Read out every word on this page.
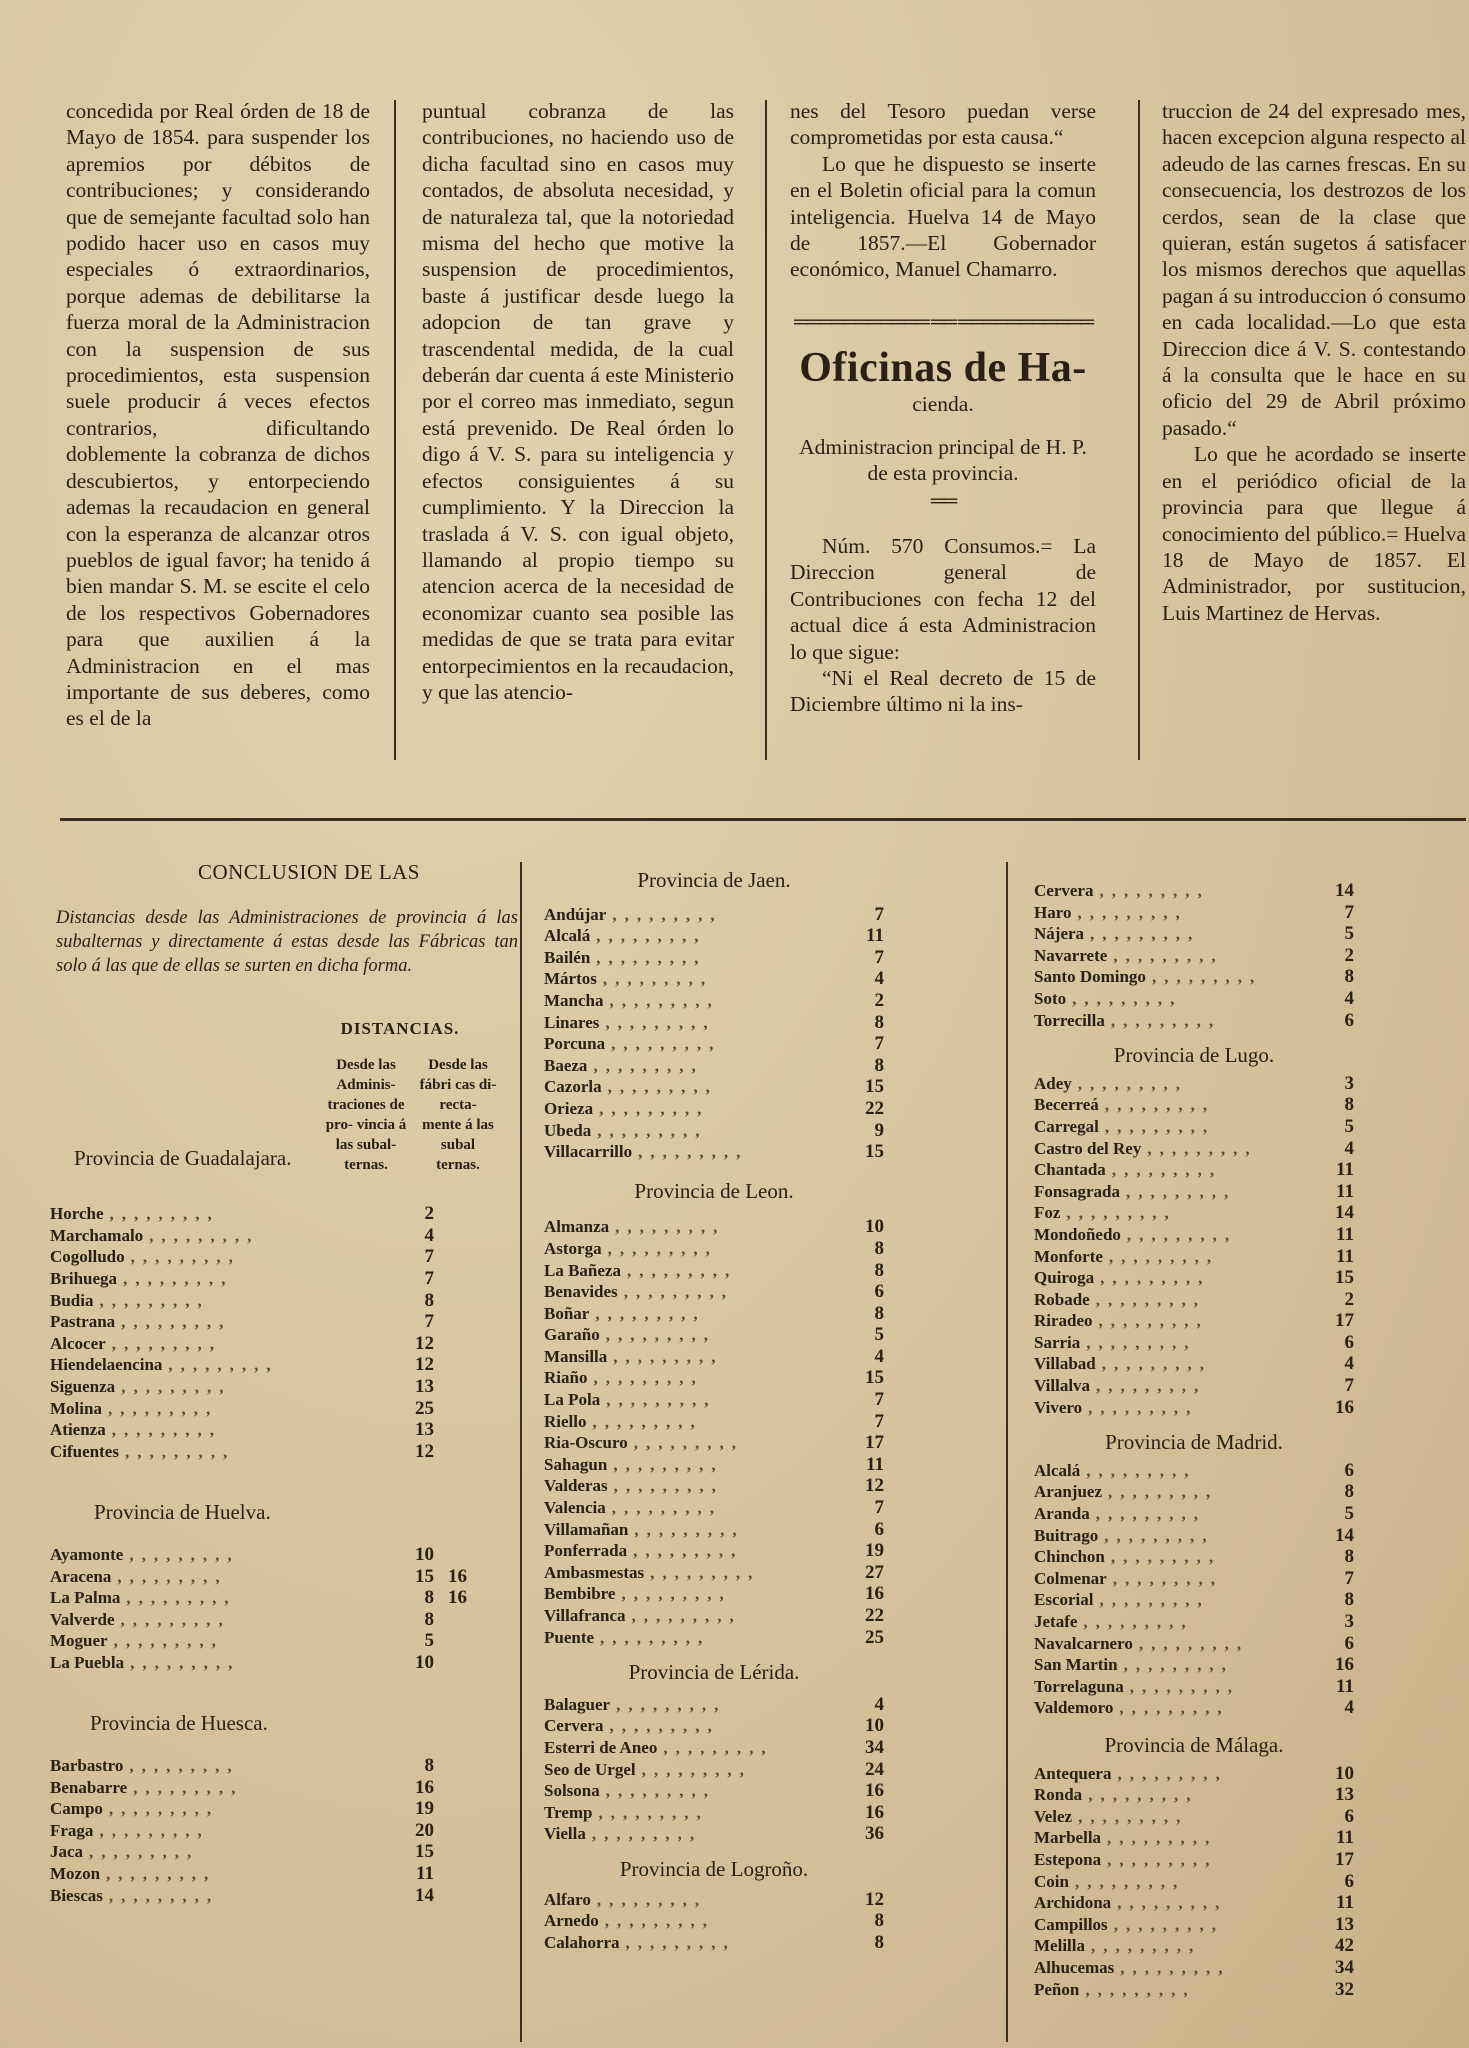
concedida por Real órden de 18 de Mayo de 1854. para suspender los apremios por débitos de contribuciones; y considerando que de semejante facultad solo han podido hacer uso en casos muy especiales ó extraordinarios, porque ademas de debilitarse la fuerza moral de la Administracion con la suspension de sus procedimientos, esta suspension suele producir á veces efectos contrarios, dificultando doblemente la cobranza de dichos descubiertos, y entorpeciendo ademas la recaudacion en general con la esperanza de alcanzar otros pueblos de igual favor; ha tenido á bien mandar S. M. se escite el celo de los respectivos Gobernadores para que auxilien á la Administracion en el mas importante de sus deberes, como es el de la

puntual cobranza de las contribuciones, no haciendo uso de dicha facultad sino en casos muy contados, de absoluta necesidad, y de naturaleza tal, que la notoriedad misma del hecho que motive la suspension de procedimientos, baste á justificar desde luego la adopcion de tan grave y trascendental medida, de la cual deberán dar cuenta á este Ministerio por el correo mas inmediato, segun está prevenido. De Real órden lo digo á V. S. para su inteligencia y efectos consiguientes á su cumplimiento. Y la Direccion la traslada á V. S. con igual objeto, llamando al propio tiempo su atencion acerca de la necesidad de economizar cuanto sea posible las medidas de que se trata para evitar entorpecimientos en la recaudacion, y que las atencio-

nes del Tesoro puedan verse comprometidas por esta causa.“

Lo que he dispuesto se inserte en el Boletin oficial para la comun inteligencia. Huelva 14 de Mayo de 1857.—El Gobernador económico, Manuel Chamarro.

═══════════ ══ ═══════════
Oficinas de Ha-
cienda.
Administracion principal de H. P. de esta provincia.
══

Núm. 570 Consumos.= La Direccion general de Contribuciones con fecha 12 del actual dice á esta Administracion lo que sigue:

“Ni el Real decreto de 15 de Diciembre último ni la ins-

truccion de 24 del expresado mes, hacen excepcion alguna respecto al adeudo de las carnes frescas. En su consecuencia, los destrozos de los cerdos, sean de la clase que quieran, están sugetos á satisfacer los mismos derechos que aquellas pagan á su introduccion ó consumo en cada localidad.—Lo que esta Direccion dice á V. S. contestando á la consulta que le hace en su oficio del 29 de Abril próximo pasado.“

Lo que he acordado se inserte en el periódico oficial de la provincia para que llegue á conocimiento del público.= Huelva 18 de Mayo de 1857. El Administrador, por sustitucion, Luis Martinez de Hervas.

CONCLUSION DE LAS
Distancias desde las Administraciones de provincia á las subalternas y directamente á estas desde las Fábricas tan solo á las que de ellas se surten en dicha forma.
DISTANCIAS.
Provincia de Guadalajara.
Desde las Adminis- traciones de pro- vincia á las subal- ternas.
Desde las fábri cas di- recta- mente á las subal ternas.
Horche ,,,,,,,,,	2
Marchamalo ,,,,,,,,,	4
Cogolludo ,,,,,,,,,	7
Brihuega ,,,,,,,,,	7
Budia ,,,,,,,,,	8
Pastrana ,,,,,,,,,	7
Alcocer ,,,,,,,,,	12
Hiendelaencina ,,,,,,,,,	12
Siguenza ,,,,,,,,,	13
Molina ,,,,,,,,,	25
Atienza ,,,,,,,,,	13
Cifuentes ,,,,,,,,,	12
Provincia de Huelva.
Ayamonte ,,,,,,,,,	10
Aracena ,,,,,,,,,	15 16
La Palma ,,,,,,,,,	8 16
Valverde ,,,,,,,,,	8
Moguer ,,,,,,,,,	5
La Puebla ,,,,,,,,,	10
Provincia de Huesca.
Barbastro ,,,,,,,,,	8
Benabarre ,,,,,,,,,	16
Campo ,,,,,,,,,	19
Fraga ,,,,,,,,,	20
Jaca ,,,,,,,,,	15
Mozon ,,,,,,,,,	11
Biescas ,,,,,,,,,	14
Provincia de Jaen.
Andújar ,,,,,,,,,	7
Alcalá ,,,,,,,,,	11
Bailén ,,,,,,,,,	7
Mártos ,,,,,,,,,	4
Mancha ,,,,,,,,,	2
Linares ,,,,,,,,,	8
Porcuna ,,,,,,,,,	7
Baeza ,,,,,,,,,	8
Cazorla ,,,,,,,,,	15
Orieza ,,,,,,,,,	22
Ubeda ,,,,,,,,,	9
Villacarrillo ,,,,,,,,,	15
Provincia de Leon.
Almanza ,,,,,,,,,	10
Astorga ,,,,,,,,,	8
La Bañeza ,,,,,,,,,	8
Benavides ,,,,,,,,,	6
Boñar ,,,,,,,,,	8
Garaño ,,,,,,,,,	5
Mansilla ,,,,,,,,,	4
Riaño ,,,,,,,,,	15
La Pola ,,,,,,,,,	7
Riello ,,,,,,,,,	7
Ria-Oscuro ,,,,,,,,,	17
Sahagun ,,,,,,,,,	11
Valderas ,,,,,,,,,	12
Valencia ,,,,,,,,,	7
Villamañan ,,,,,,,,,	6
Ponferrada ,,,,,,,,,	19
Ambasmestas ,,,,,,,,,	27
Bembibre ,,,,,,,,,	16
Villafranca ,,,,,,,,,	22
Puente ,,,,,,,,,	25
Provincia de Lérida.
Balaguer ,,,,,,,,,	4
Cervera ,,,,,,,,,	10
Esterri de Aneo ,,,,,,,,,	34
Seo de Urgel ,,,,,,,,,	24
Solsona ,,,,,,,,,	16
Tremp ,,,,,,,,,	16
Viella ,,,,,,,,,	36
Provincia de Logroño.
Alfaro ,,,,,,,,,	12
Arnedo ,,,,,,,,,	8
Calahorra ,,,,,,,,,	8
Cervera ,,,,,,,,,	14
Haro ,,,,,,,,,	7
Nájera ,,,,,,,,,	5
Navarrete ,,,,,,,,,	2
Santo Domingo ,,,,,,,,,	8
Soto ,,,,,,,,,	4
Torrecilla ,,,,,,,,,	6
Provincia de Lugo.
Adey ,,,,,,,,,	3
Becerreá ,,,,,,,,,	8
Carregal ,,,,,,,,,	5
Castro del Rey ,,,,,,,,,	4
Chantada ,,,,,,,,,	11
Fonsagrada ,,,,,,,,,	11
Foz ,,,,,,,,,	14
Mondoñedo ,,,,,,,,,	11
Monforte ,,,,,,,,,	11
Quiroga ,,,,,,,,,	15
Robade ,,,,,,,,,	2
Riradeo ,,,,,,,,,	17
Sarria ,,,,,,,,,	6
Villabad ,,,,,,,,,	4
Villalva ,,,,,,,,,	7
Vivero ,,,,,,,,,	16
Provincia de Madrid.
Alcalá ,,,,,,,,,	6
Aranjuez ,,,,,,,,,	8
Aranda ,,,,,,,,,	5
Buitrago ,,,,,,,,,	14
Chinchon ,,,,,,,,,	8
Colmenar ,,,,,,,,,	7
Escorial ,,,,,,,,,	8
Jetafe ,,,,,,,,,	3
Navalcarnero ,,,,,,,,,	6
San Martin ,,,,,,,,,	16
Torrelaguna ,,,,,,,,,	11
Valdemoro ,,,,,,,,,	4
Provincia de Málaga.
Antequera ,,,,,,,,,	10
Ronda ,,,,,,,,,	13
Velez ,,,,,,,,,	6
Marbella ,,,,,,,,,	11
Estepona ,,,,,,,,,	17
Coin ,,,,,,,,,	6
Archidona ,,,,,,,,,	11
Campillos ,,,,,,,,,	13
Melilla ,,,,,,,,,	42
Alhucemas ,,,,,,,,,	34
Peñon ,,,,,,,,,	32
